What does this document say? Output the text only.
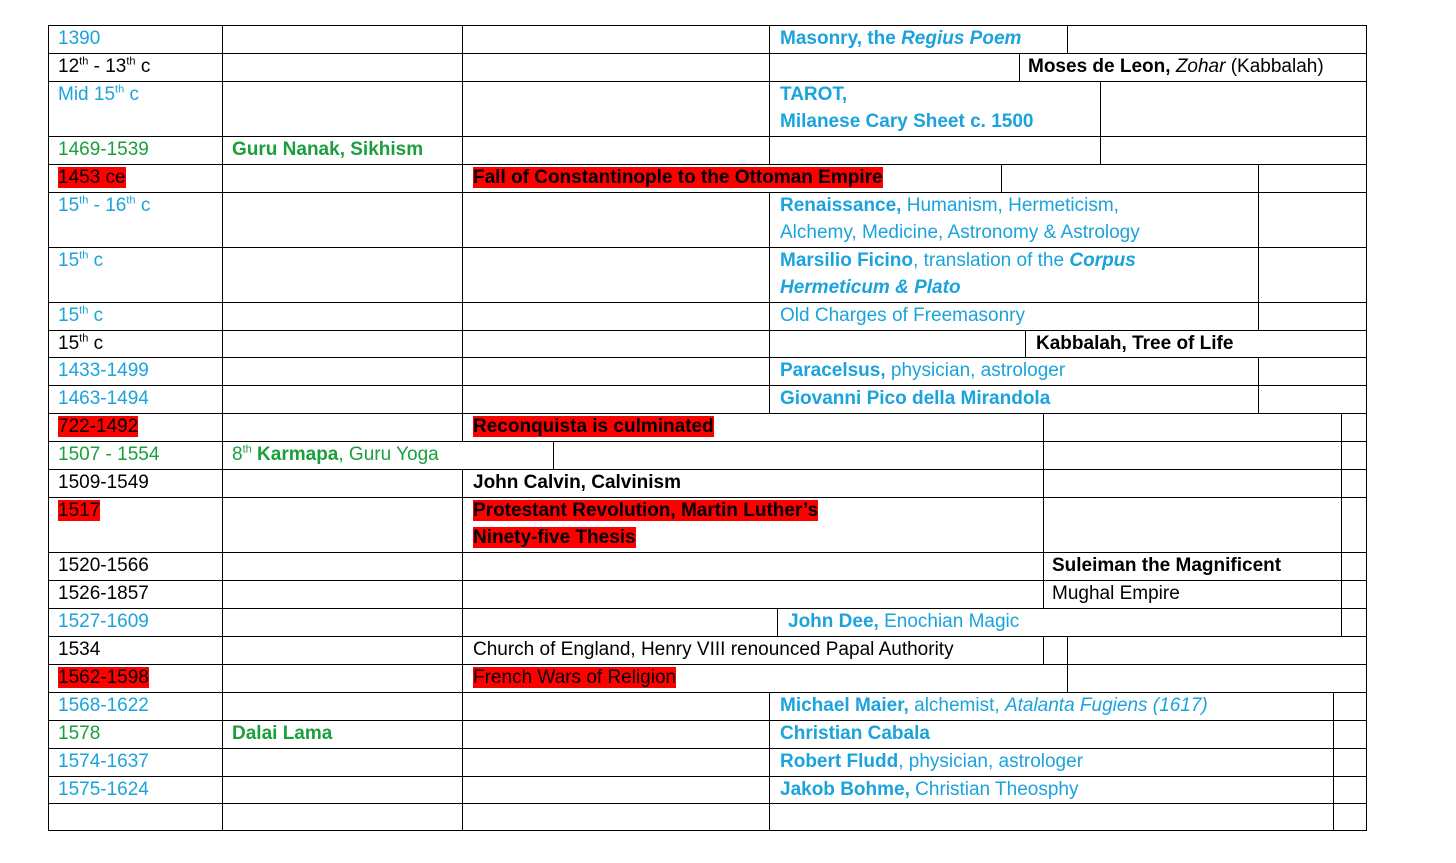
1390	Masonry, the Regius Poem
12th - 13th c	Moses de Leon, Zohar (Kabbalah)
Mid 15th c	TAROT,
Milanese Cary Sheet c. 1500
1469-1539	Guru Nanak, Sikhism
1453 ce	Fall of Constantinople to the Ottoman Empire
15th - 16th c	Renaissance, Humanism, Hermeticism,
Alchemy, Medicine, Astronomy & Astrology
15th c	Marsilio Ficino, translation of the Corpus
Hermeticum & Plato
15th c	Old Charges of Freemasonry
15th c	Kabbalah, Tree of Life
1433-1499	Paracelsus, physician, astrologer
1463-1494	Giovanni Pico della Mirandola
722-1492	Reconquista is culminated
1507 - 1554	8th Karmapa, Guru Yoga
1509-1549	John Calvin, Calvinism
1517	Protestant Revolution, Martin Luther’s
Ninety-five Thesis
1520-1566	Suleiman the Magnificent
1526-1857	Mughal Empire
1527-1609	John Dee, Enochian Magic
1534	Church of England, Henry VIII renounced Papal Authority
1562-1598	French Wars of Religion
1568-1622	Michael Maier, alchemist, Atalanta Fugiens (1617)
1578	Dalai Lama	Christian Cabala
1574-1637	Robert Fludd, physician, astrologer
1575-1624	Jakob Bohme, Christian Theosphy
